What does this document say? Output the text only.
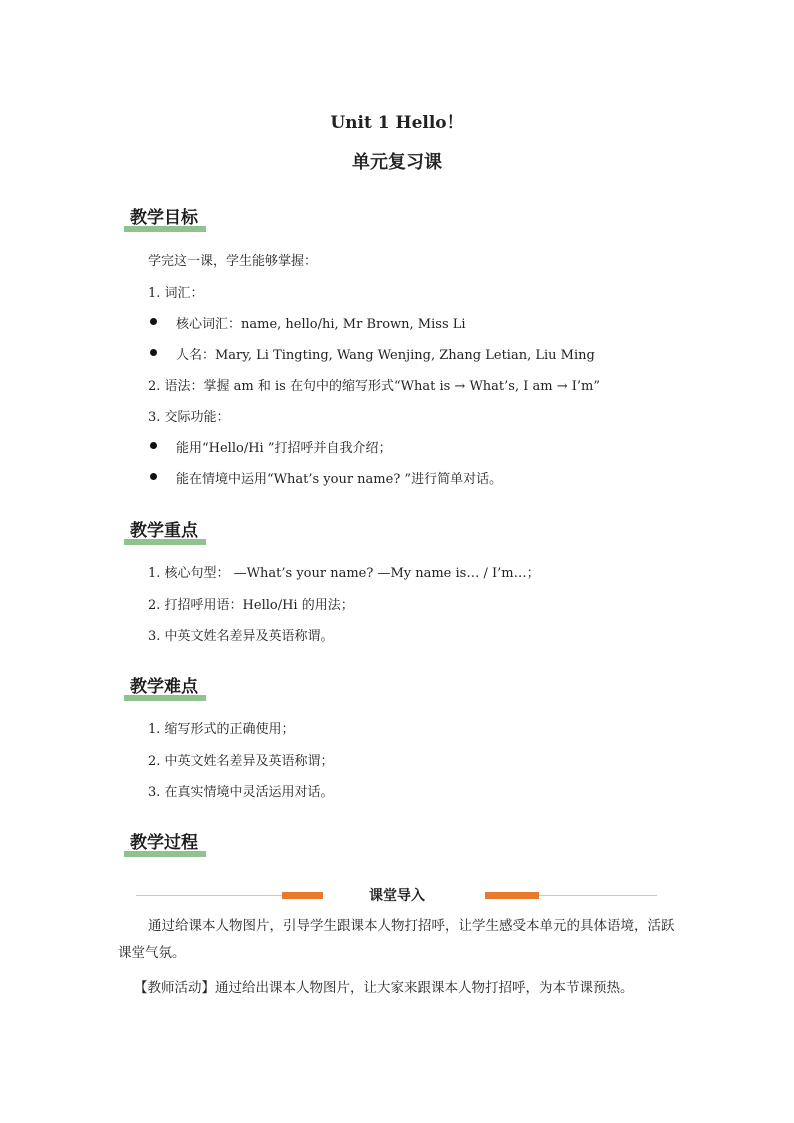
Unit 1 Hello！
单元复习课
教学目标
学完这一课，学生能够掌握：
1. 词汇：
核心词汇：name, hello/hi, Mr Brown, Miss Li
人名：Mary, Li Tingting, Wang Wenjing, Zhang Letian, Liu Ming
2. 语法：掌握 am 和 is 在句中的缩写形式“What is → What’s, I am → I’m”
3. 交际功能：
能用“Hello/Hi ”打招呼并自我介绍；
能在情境中运用“What’s your name? ”进行简单对话。
教学重点
1. 核心句型： —What’s your name? —My name is… / I’m…；
2. 打招呼用语：Hello/Hi 的用法；
3. 中英文姓名差异及英语称谓。
教学难点
1. 缩写形式的正确使用；
2. 中英文姓名差异及英语称谓；
3. 在真实情境中灵活运用对话。
教学过程
课堂导入
通过给课本人物图片，引导学生跟课本人物打招呼，让学生感受本单元的具体语境，活跃课堂气氛。
【教师活动】通过给出课本人物图片，让大家来跟课本人物打招呼，为本节课预热。
